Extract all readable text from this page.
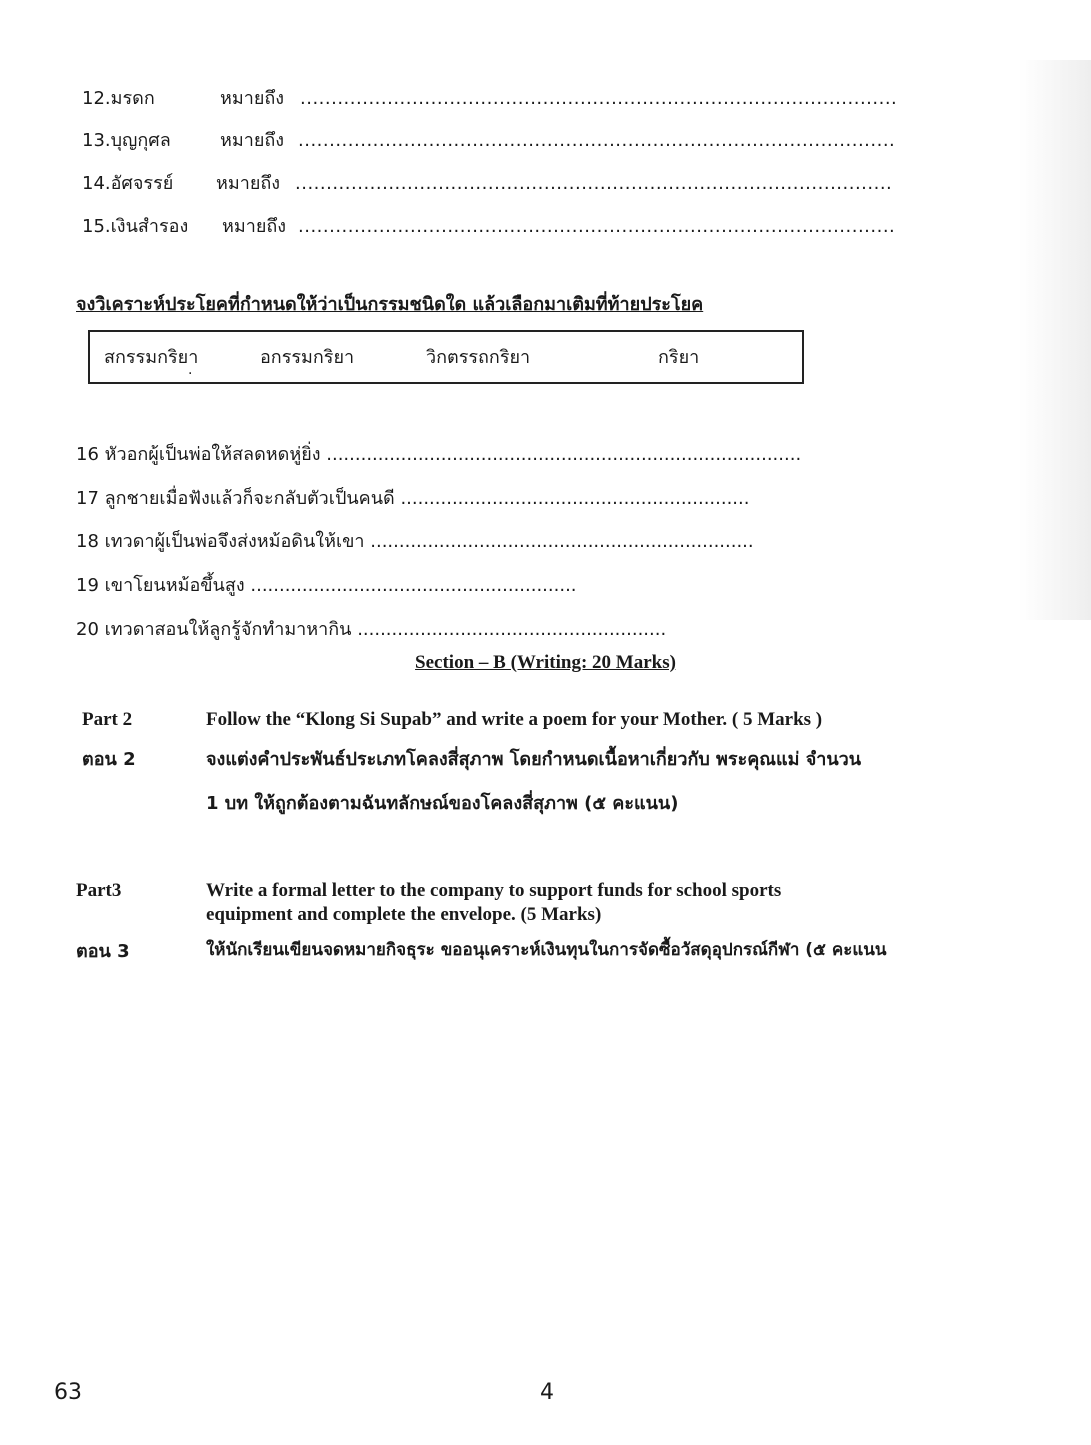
12.มรดก	หมายถึง ................................................................................................
13.บุญกุศล	หมายถึง ................................................................................................
14.อัศจรรย์ หมายถึง ................................................................................................
15.เงินสำรอง หมายถึง ................................................................................................
จงวิเคราะห์ประโยคที่กำหนดให้ว่าเป็นกรรมชนิดใด แล้วเลือกมาเติมที่ท้ายประโยค
สกรรมกริยา	อกรรมกริยา	วิกตรรถกริยา	กริยา
·
16 หัวอกผู้เป็นพ่อให้สลดหดหู่ยิ่ง ...................................................................................
17 ลูกชายเมื่อฟังแล้วก็จะกลับตัวเป็นคนดี .............................................................
18 เทวดาผู้เป็นพ่อจึงส่งหม้อดินให้เขา ...................................................................
19 เขาโยนหม้อขึ้นสูง .........................................................
20 เทวดาสอนให้ลูกรู้จักทำมาหากิน ......................................................
Section – B (Writing: 20 Marks)
Part 2	Follow the “Klong Si Supab” and write a poem for your Mother. ( 5 Marks )
ตอน 2	จงแต่งคำประพันธ์ประเภทโคลงสี่สุภาพ โดยกำหนดเนื้อหาเกี่ยวกับ พระคุณแม่ จำนวน
1 บท ให้ถูกต้องตามฉันทลักษณ์ของโคลงสี่สุภาพ (๕ คะแนน)
Part3	Write a formal letter to the company to support funds for school sports
equipment and complete the envelope. (5 Marks)
ตอน 3	ให้นักเรียนเขียนจดหมายกิจธุระ ขออนุเคราะห์เงินทุนในการจัดซื้อวัสดุอุปกรณ์กีฬา (๕ คะแนน
63	4
